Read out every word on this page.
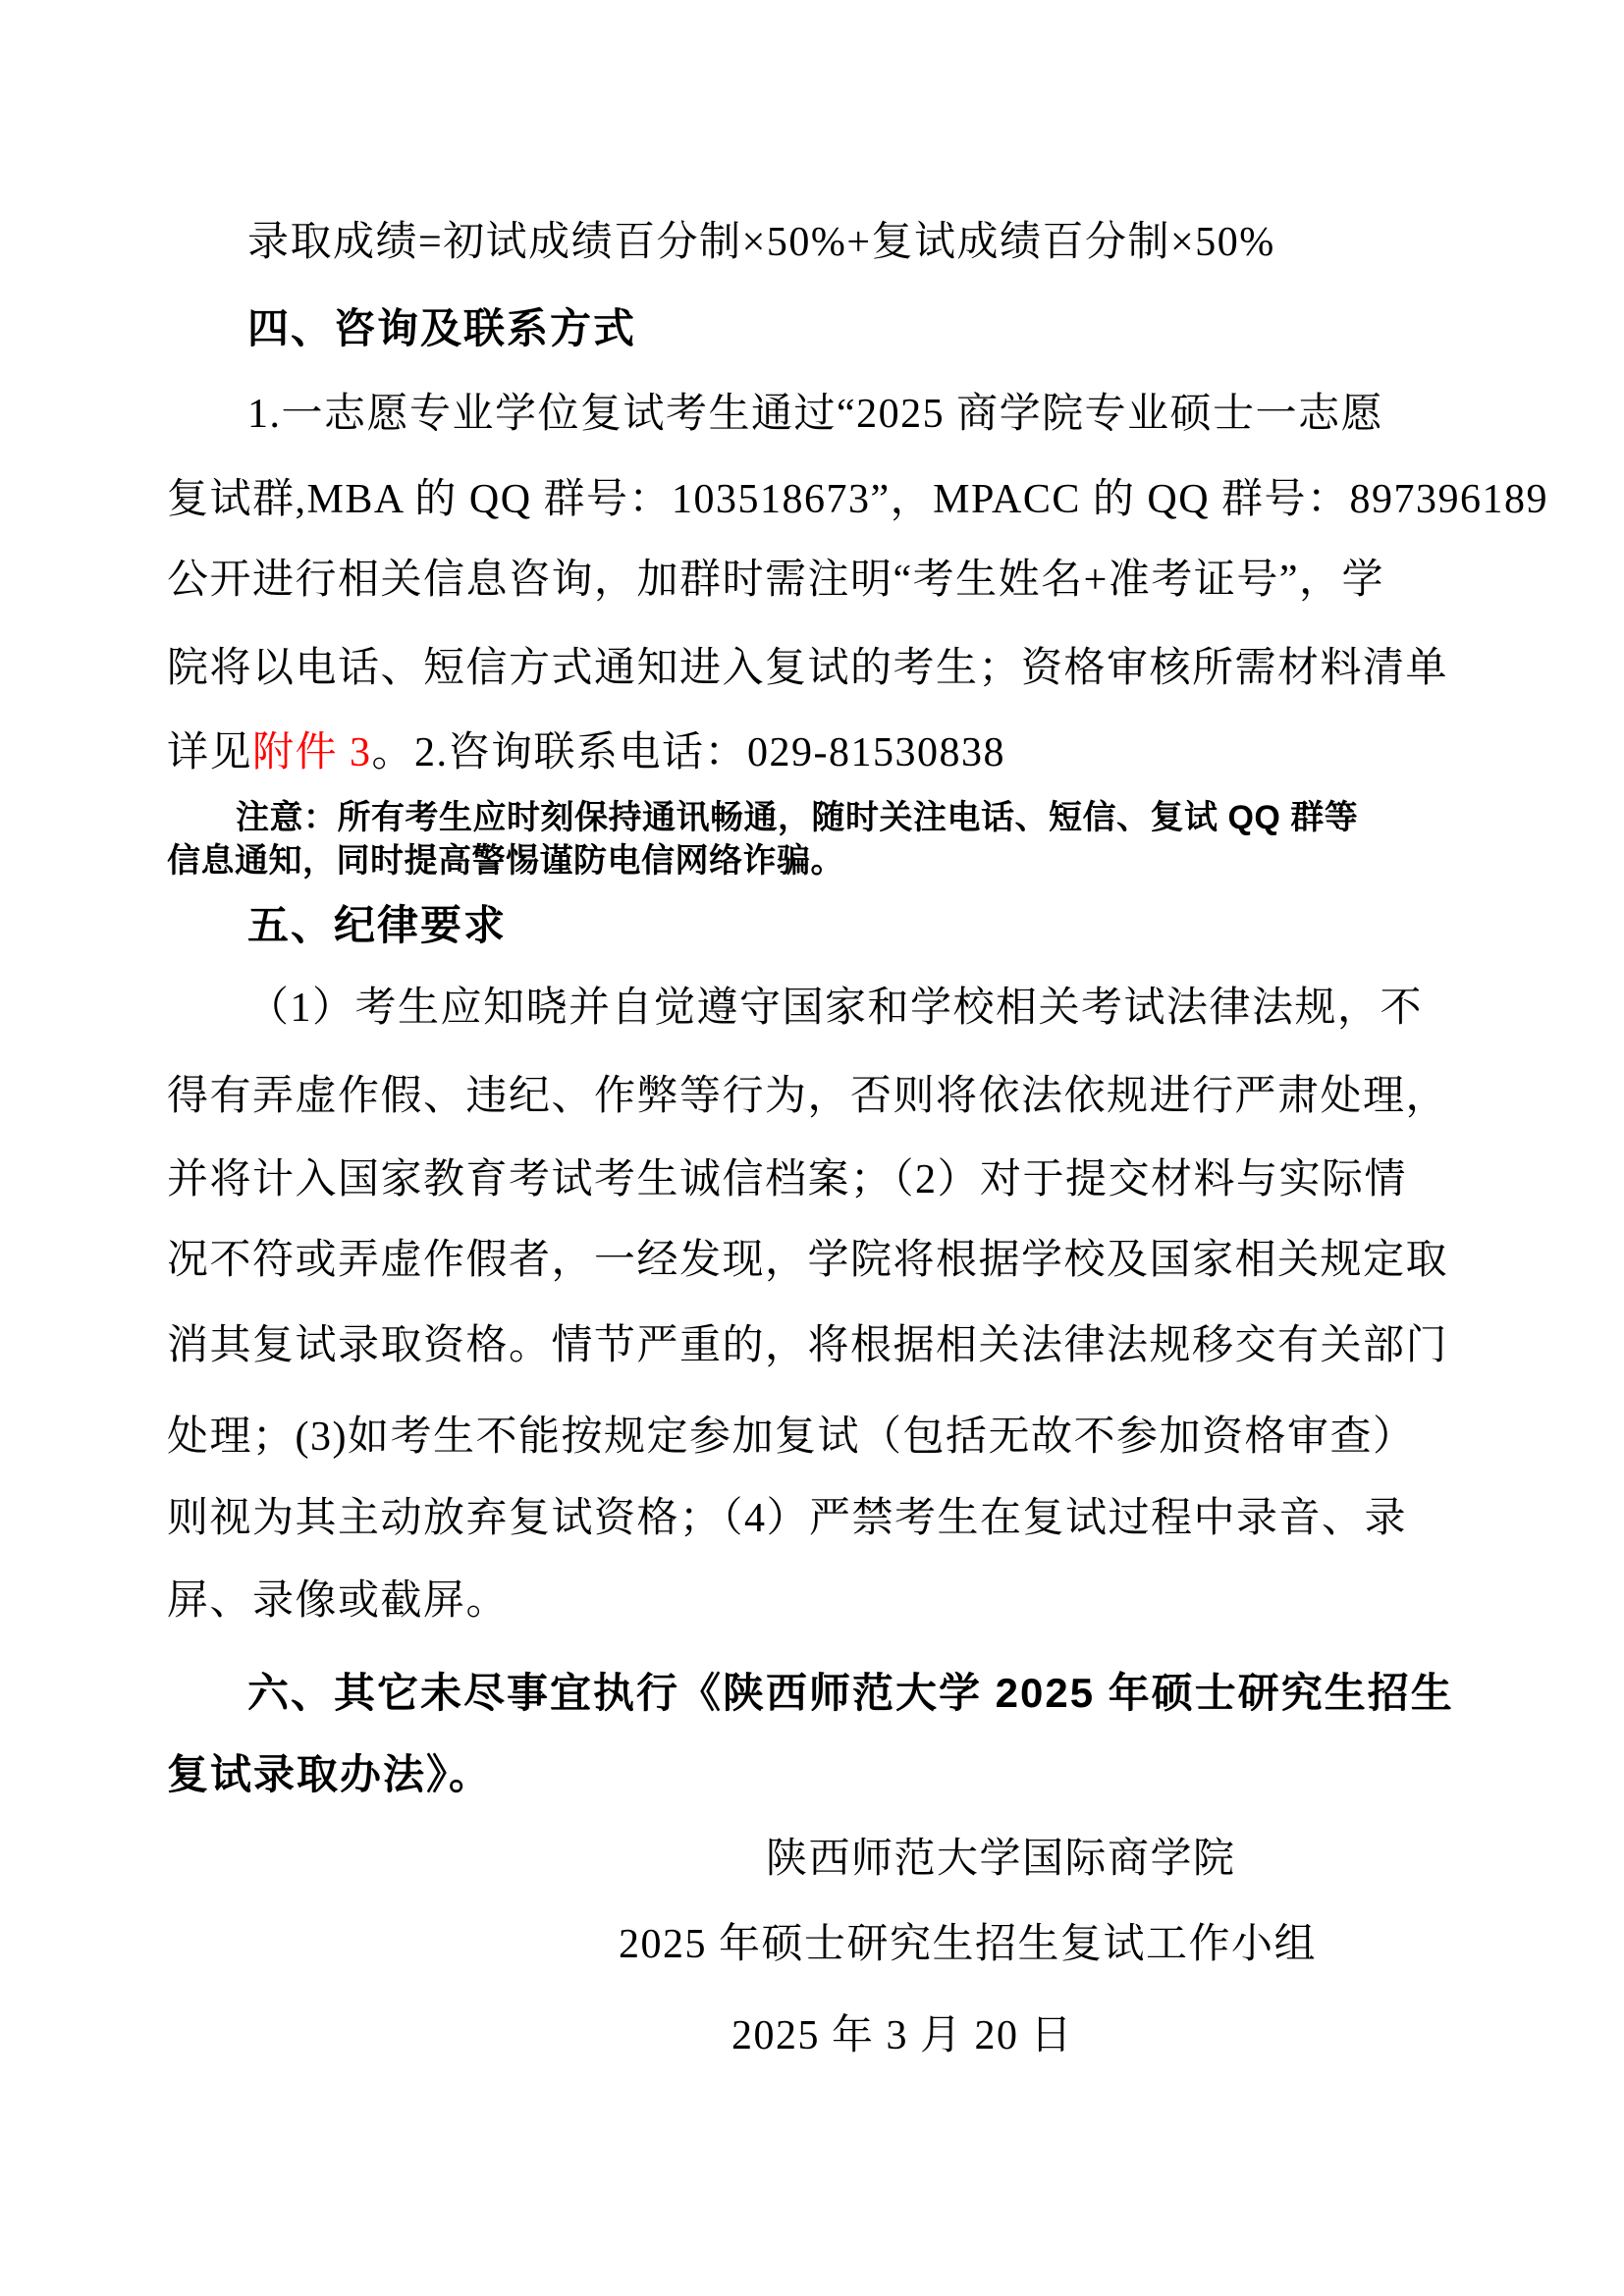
录取成绩=初试成绩百分制×50%+复试成绩百分制×50%
四、咨询及联系方式
1.一志愿专业学位复试考生通过“2025 商学院专业硕士一志愿
复试群,MBA 的 QQ 群号：103518673”，MPACC 的 QQ 群号：897396189
公开进行相关信息咨询，加群时需注明“考生姓名+准考证号”，学
院将以电话、短信方式通知进入复试的考生；资格审核所需材料清单
详见附件 3。2.咨询联系电话：029-81530838
注意：所有考生应时刻保持通讯畅通，随时关注电话、短信、复试 QQ 群等
信息通知，同时提高警惕谨防电信网络诈骗。
五、纪律要求
（1）考生应知晓并自觉遵守国家和学校相关考试法律法规，不
得有弄虚作假、违纪、作弊等行为，否则将依法依规进行严肃处理，
并将计入国家教育考试考生诚信档案；（2）对于提交材料与实际情
况不符或弄虚作假者，一经发现，学院将根据学校及国家相关规定取
消其复试录取资格。情节严重的，将根据相关法律法规移交有关部门
处理；(3)如考生不能按规定参加复试（包括无故不参加资格审查）
则视为其主动放弃复试资格；（4）严禁考生在复试过程中录音、录
屏、录像或截屏。
六、其它未尽事宜执行《陕西师范大学 2025 年硕士研究生招生
复试录取办法》。
陕西师范大学国际商学院
2025 年硕士研究生招生复试工作小组
2025 年 3 月 20 日
